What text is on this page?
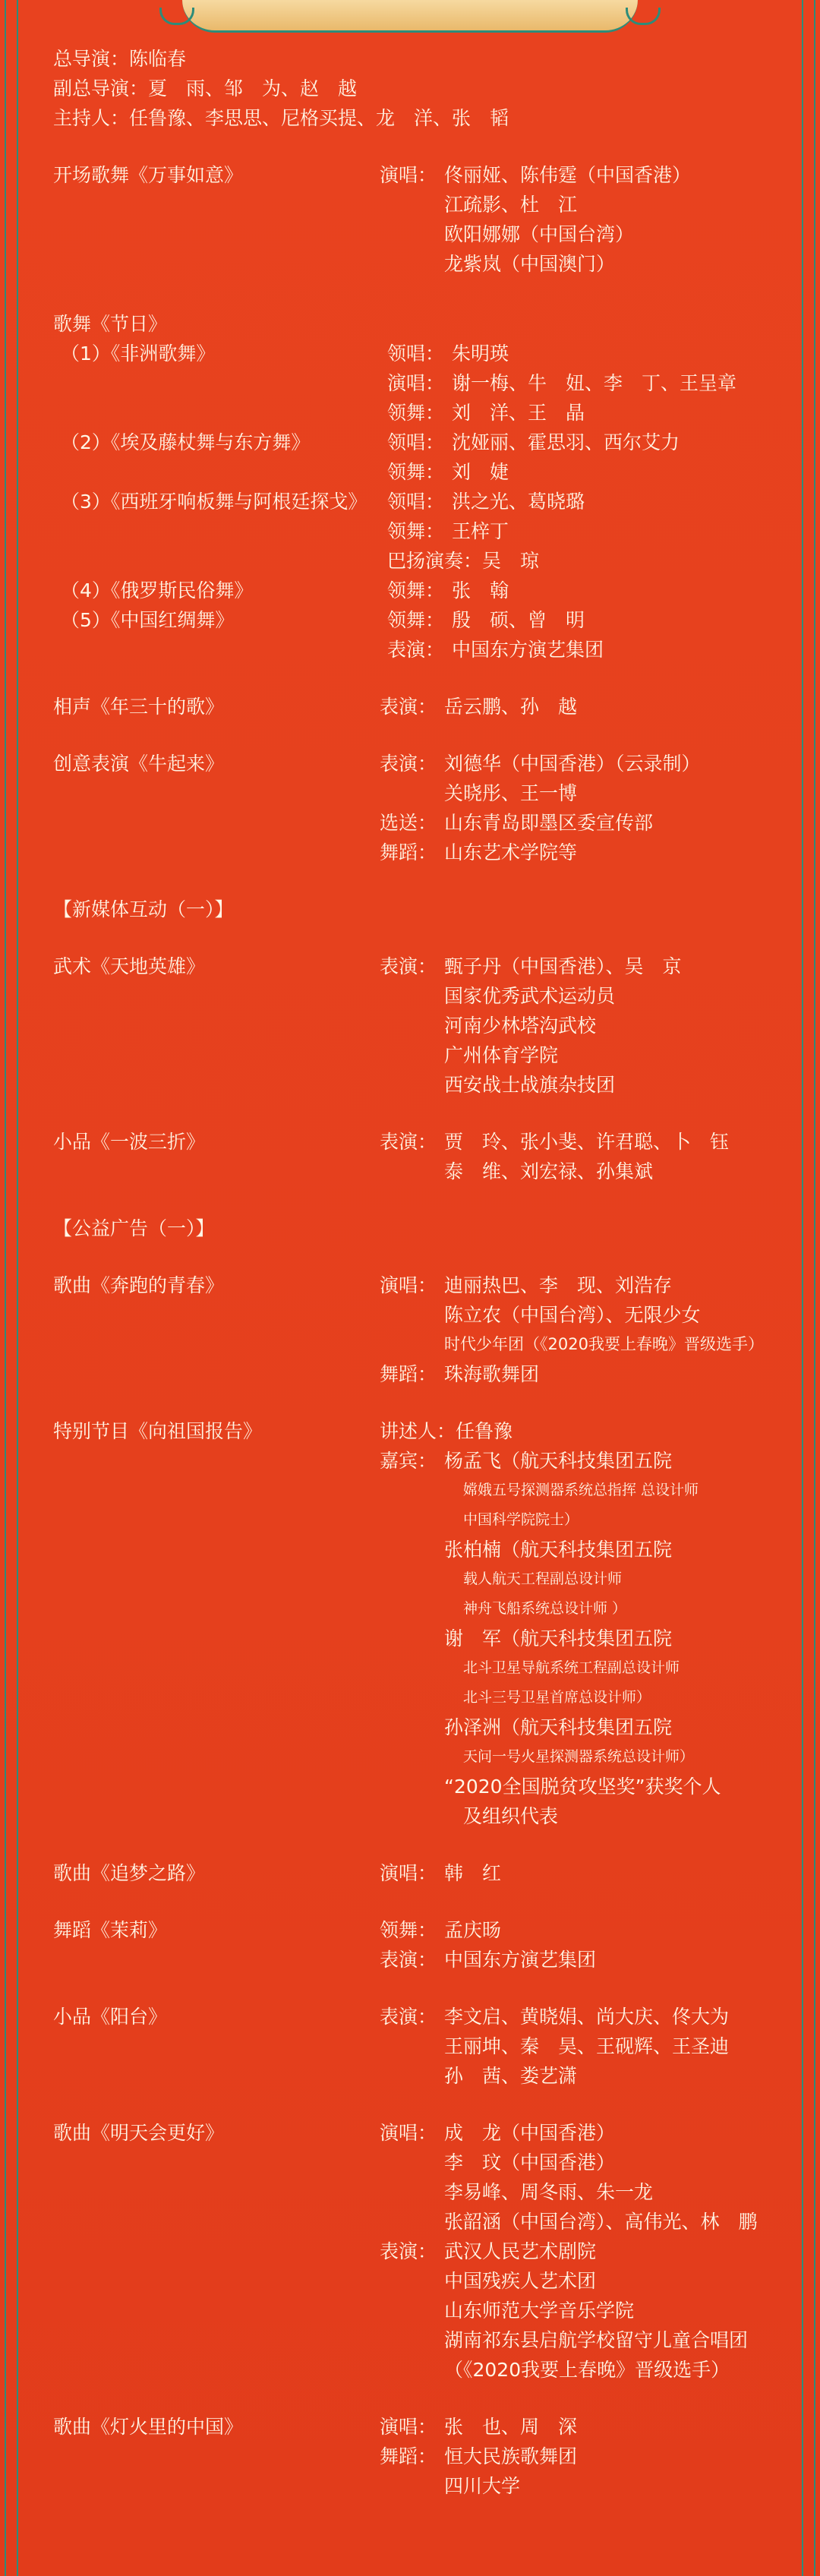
总导演：陈临春
副总导演：夏　雨、邹　为、赵　越
主持人：任鲁豫、李思思、尼格买提、龙　洋、张　韬
开场歌舞《万事如意》	演唱： 佟丽娅、陈伟霆（中国香港）
江疏影、杜　江
欧阳娜娜（中国台湾）
龙紫岚（中国澳门）
歌舞《节日》
（1）《非洲歌舞》	领唱： 朱明瑛
演唱： 谢一梅、牛　妞、李　丁、王呈章
领舞： 刘　洋、王　晶
（2）《埃及藤杖舞与东方舞》	领唱： 沈娅丽、霍思羽、西尔艾力
领舞： 刘　婕
（3）《西班牙响板舞与阿根廷探戈》	领唱： 洪之光、葛晓璐
领舞： 王梓丁
巴扬演奏： 吴　琼
（4）《俄罗斯民俗舞》	领舞： 张　翰
（5）《中国红绸舞》	领舞： 殷　硕、曾　明
表演： 中国东方演艺集团
相声《年三十的歌》	表演： 岳云鹏、孙　越
创意表演《牛起来》	表演： 刘德华（中国香港）（云录制）
关晓彤、王一博
选送： 山东青岛即墨区委宣传部
舞蹈： 山东艺术学院等
【新媒体互动（一）】
武术《天地英雄》	表演： 甄子丹（中国香港）、吴　京
国家优秀武术运动员
河南少林塔沟武校
广州体育学院
西安战士战旗杂技团
小品《一波三折》	表演： 贾　玲、张小斐、许君聪、卜　钰
泰　维、刘宏禄、孙集斌
【公益广告（一）】
歌曲《奔跑的青春》	演唱： 迪丽热巴、李　现、刘浩存
陈立农（中国台湾）、无限少女
时代少年团（《2020我要上春晚》晋级选手）
舞蹈： 珠海歌舞团
特别节目《向祖国报告》	讲述人： 任鲁豫
嘉宾： 杨孟飞（航天科技集团五院
嫦娥五号探测器系统总指挥 总设计师
中国科学院院士）
张柏楠（航天科技集团五院
载人航天工程副总设计师
神舟飞船系统总设计师 ）
谢　军（航天科技集团五院
北斗卫星导航系统工程副总设计师
北斗三号卫星首席总设计师）
孙泽洲（航天科技集团五院
天问一号火星探测器系统总设计师）
“2020全国脱贫攻坚奖”获奖个人
　及组织代表
歌曲《追梦之路》	演唱： 韩　红
舞蹈《茉莉》	领舞： 孟庆旸
表演： 中国东方演艺集团
小品《阳台》	表演： 李文启、黄晓娟、尚大庆、佟大为
王丽坤、秦　昊、王砚辉、王圣迪
孙　茜、娄艺潇
歌曲《明天会更好》	演唱： 成　龙（中国香港）
李　玟（中国香港）
李易峰、周冬雨、朱一龙
张韶涵（中国台湾）、高伟光、林　鹏
表演： 武汉人民艺术剧院
中国残疾人艺术团
山东师范大学音乐学院
湖南祁东县启航学校留守儿童合唱团
（《2020我要上春晚》晋级选手）
歌曲《灯火里的中国》	演唱： 张　也、周　深
舞蹈： 恒大民族歌舞团
四川大学
